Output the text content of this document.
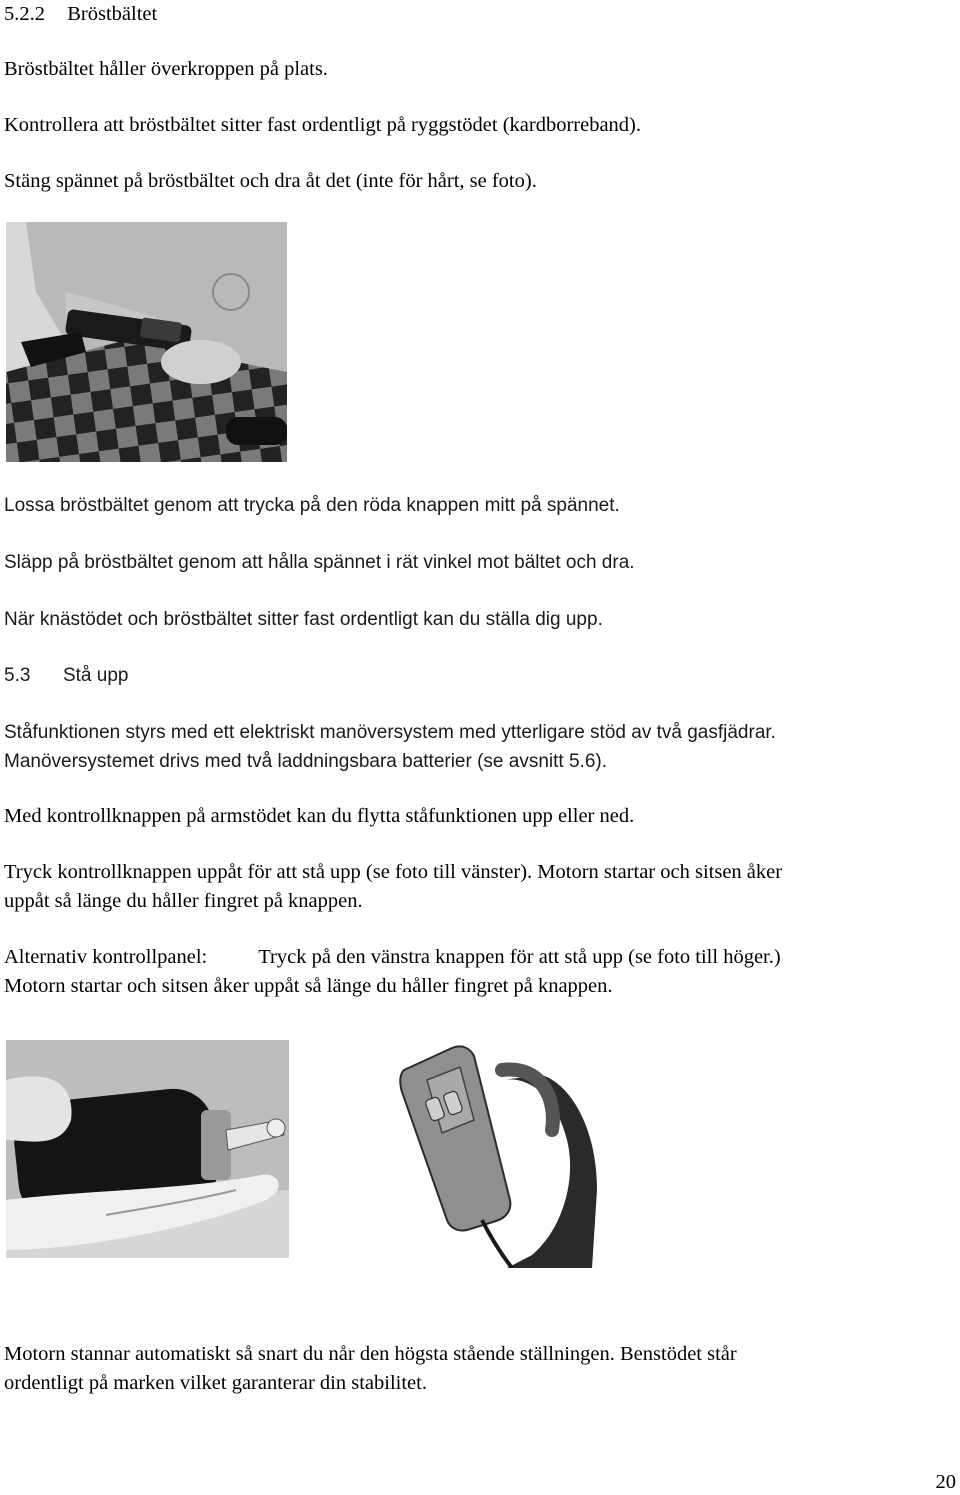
5.2.2 Bröstbältet
Bröstbältet håller överkroppen på plats.
Kontrollera att bröstbältet sitter fast ordentligt på ryggstödet (kardborreband).
Stäng spännet på bröstbältet och dra åt det (inte för hårt, se foto).
Lossa bröstbältet genom att trycka på den röda knappen mitt på spännet.
Släpp på bröstbältet genom att hålla spännet i rät vinkel mot bältet och dra.
När knästödet och bröstbältet sitter fast ordentligt kan du ställa dig upp.
5.3 Stå upp
Ståfunktionen styrs med ett elektriskt manöversystem med ytterligare stöd av två gasfjädrar.
Manöversystemet drivs med två laddningsbara batterier (se avsnitt 5.6).
Med kontrollknappen på armstödet kan du flytta ståfunktionen upp eller ned.
Tryck kontrollknappen uppåt för att stå upp (se foto till vänster). Motorn startar och sitsen åker
uppåt så länge du håller fingret på knappen.
Alternativ kontrollpanel: Tryck på den vänstra knappen för att stå upp (se foto till höger.)
Motorn startar och sitsen åker uppåt så länge du håller fingret på knappen.
Motorn stannar automatiskt så snart du når den högsta stående ställningen. Benstödet står
ordentligt på marken vilket garanterar din stabilitet.
20
